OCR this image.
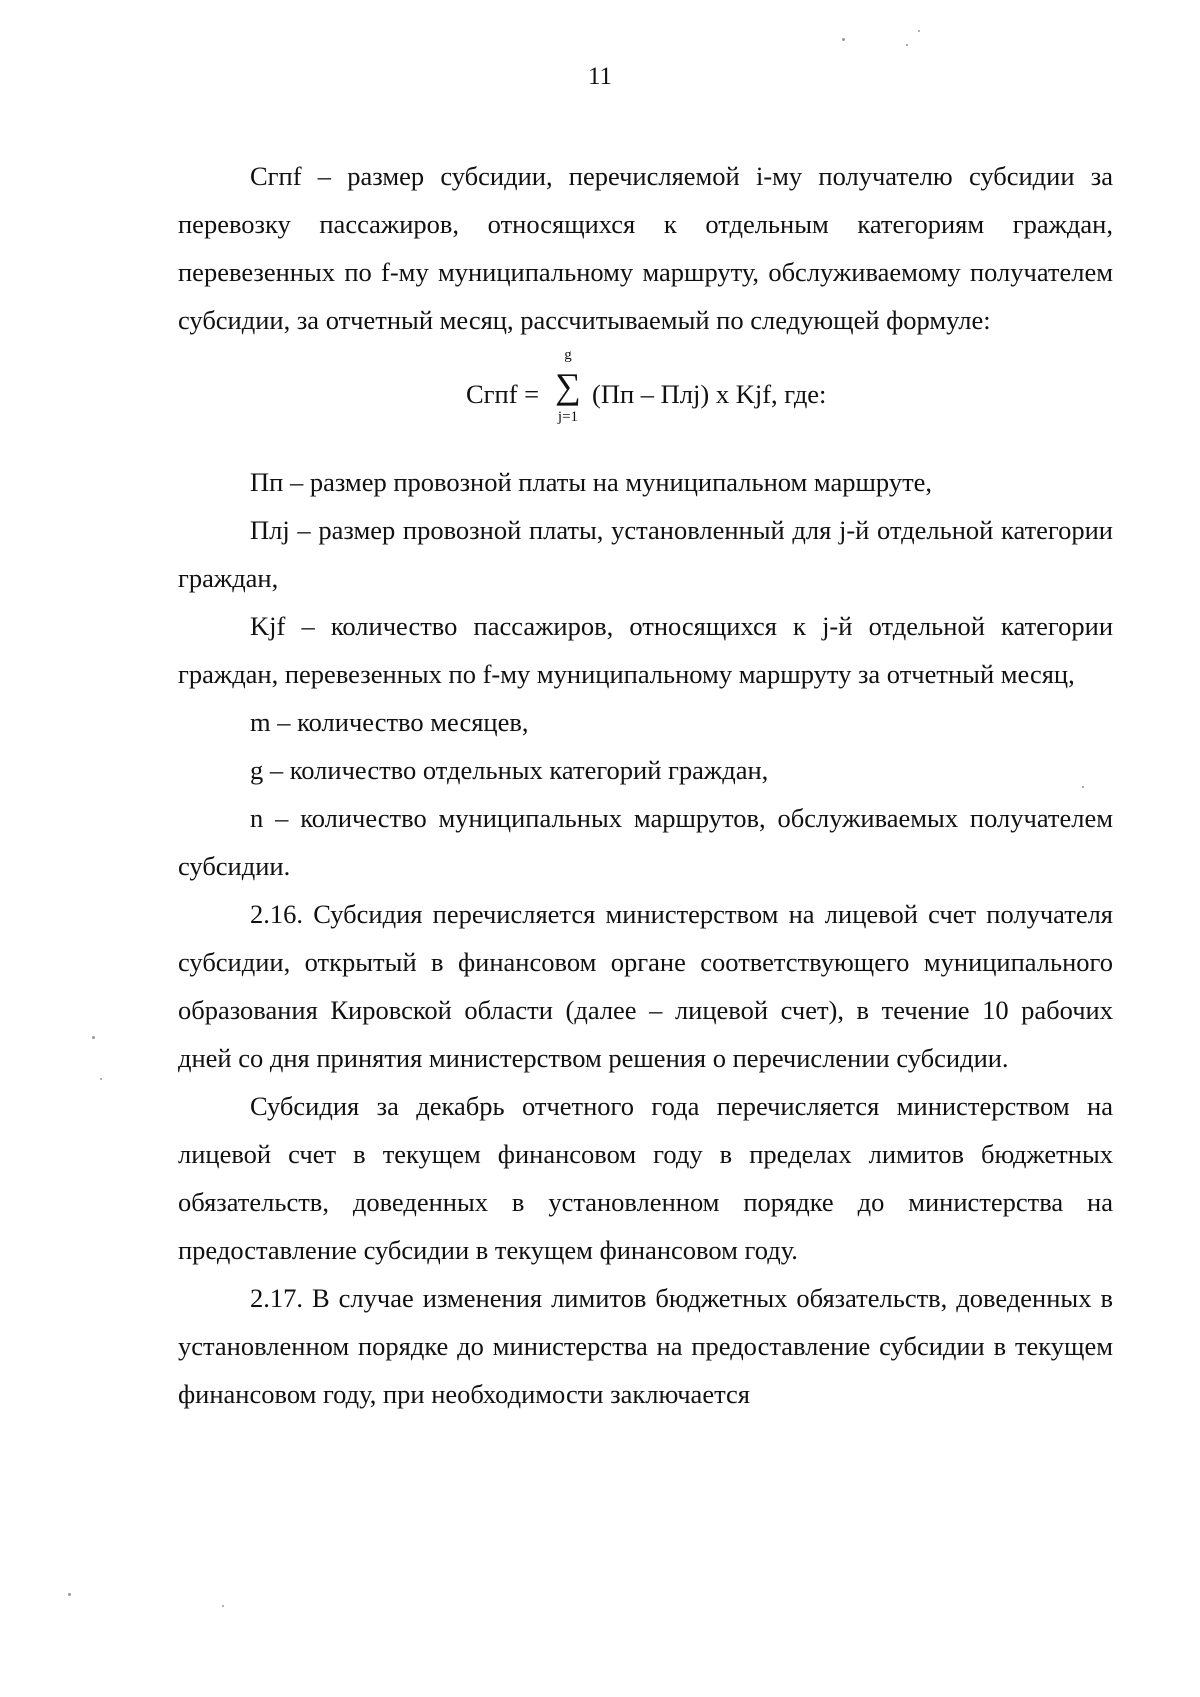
11

Cгпf – размер субсидии, перечисляемой i-му получателю субсидии за перевозку пассажиров, относящихся к отдельным категориям граждан, перевезенных по f-му муниципальному маршруту, обслуживаемому получателем субсидии, за отчетный месяц, рассчитываемый по следующей формуле:

Cгпf =
g
∑
j=1
(Пп – Плj) x Kjf, где:

Пп – размер провозной платы на муниципальном маршруте,

Плj – размер провозной платы, установленный для j-й отдельной категории граждан,

Kjf – количество пассажиров, относящихся к j-й отдельной категории граждан, перевезенных по f-му муниципальному маршруту за отчетный месяц,

m – количество месяцев,

g – количество отдельных категорий граждан,

n – количество муниципальных маршрутов, обслуживаемых получателем субсидии.

2.16. Субсидия перечисляется министерством на лицевой счет получателя субсидии, открытый в финансовом органе соответствующего муниципального образования Кировской области (далее – лицевой счет), в течение 10 рабочих дней со дня принятия министерством решения о перечислении субсидии.

Субсидия за декабрь отчетного года перечисляется министерством на лицевой счет в текущем финансовом году в пределах лимитов бюджетных обязательств, доведенных в установленном порядке до министерства на предоставление субсидии в текущем финансовом году.

2.17. В случае изменения лимитов бюджетных обязательств, доведенных в установленном порядке до министерства на предоставление субсидии в текущем финансовом году, при необходимости заключается
